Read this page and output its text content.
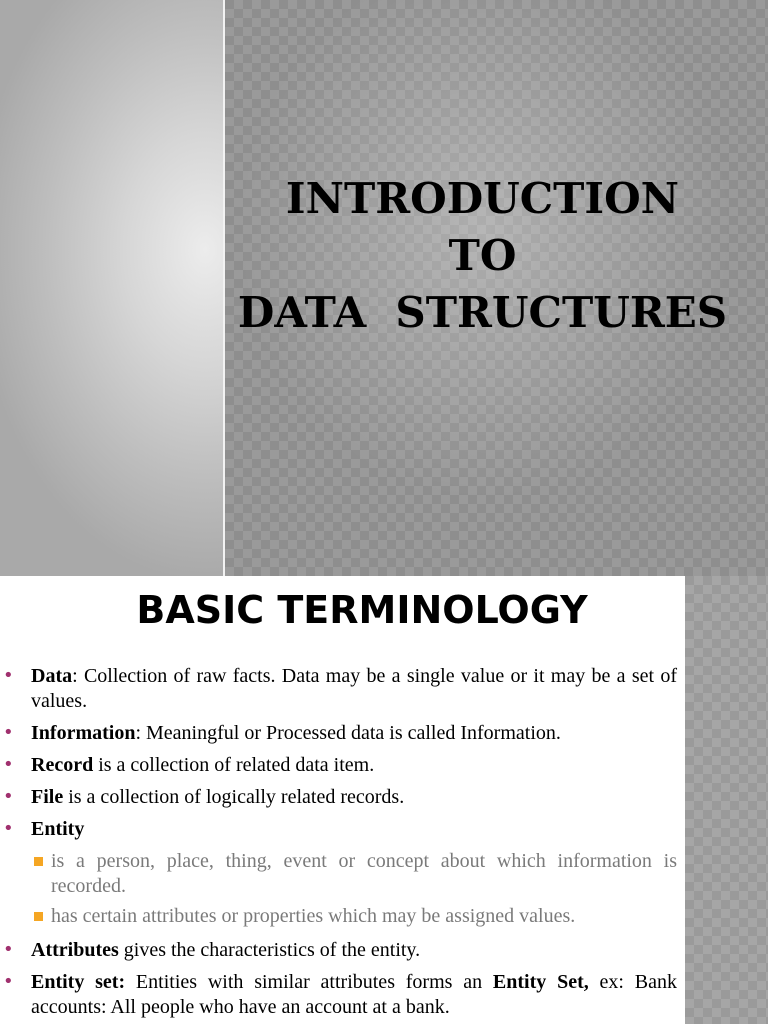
INTRODUCTION
TO
DATA  STRUCTURES
BASIC TERMINOLOGY
• Data: Collection of raw facts. Data may be a single value or it may be a set of values.
• Information: Meaningful or Processed data is called Information.
• Record is a collection of related data item.
• File is a collection of logically related records.
• Entity
is a person, place, thing, event or concept about which information is recorded.
has certain attributes or properties which may be assigned values.
• Attributes gives the characteristics of the entity.
• Entity set: Entities with similar attributes forms an Entity Set, ex: Bank accounts: All people who have an account at a bank.
